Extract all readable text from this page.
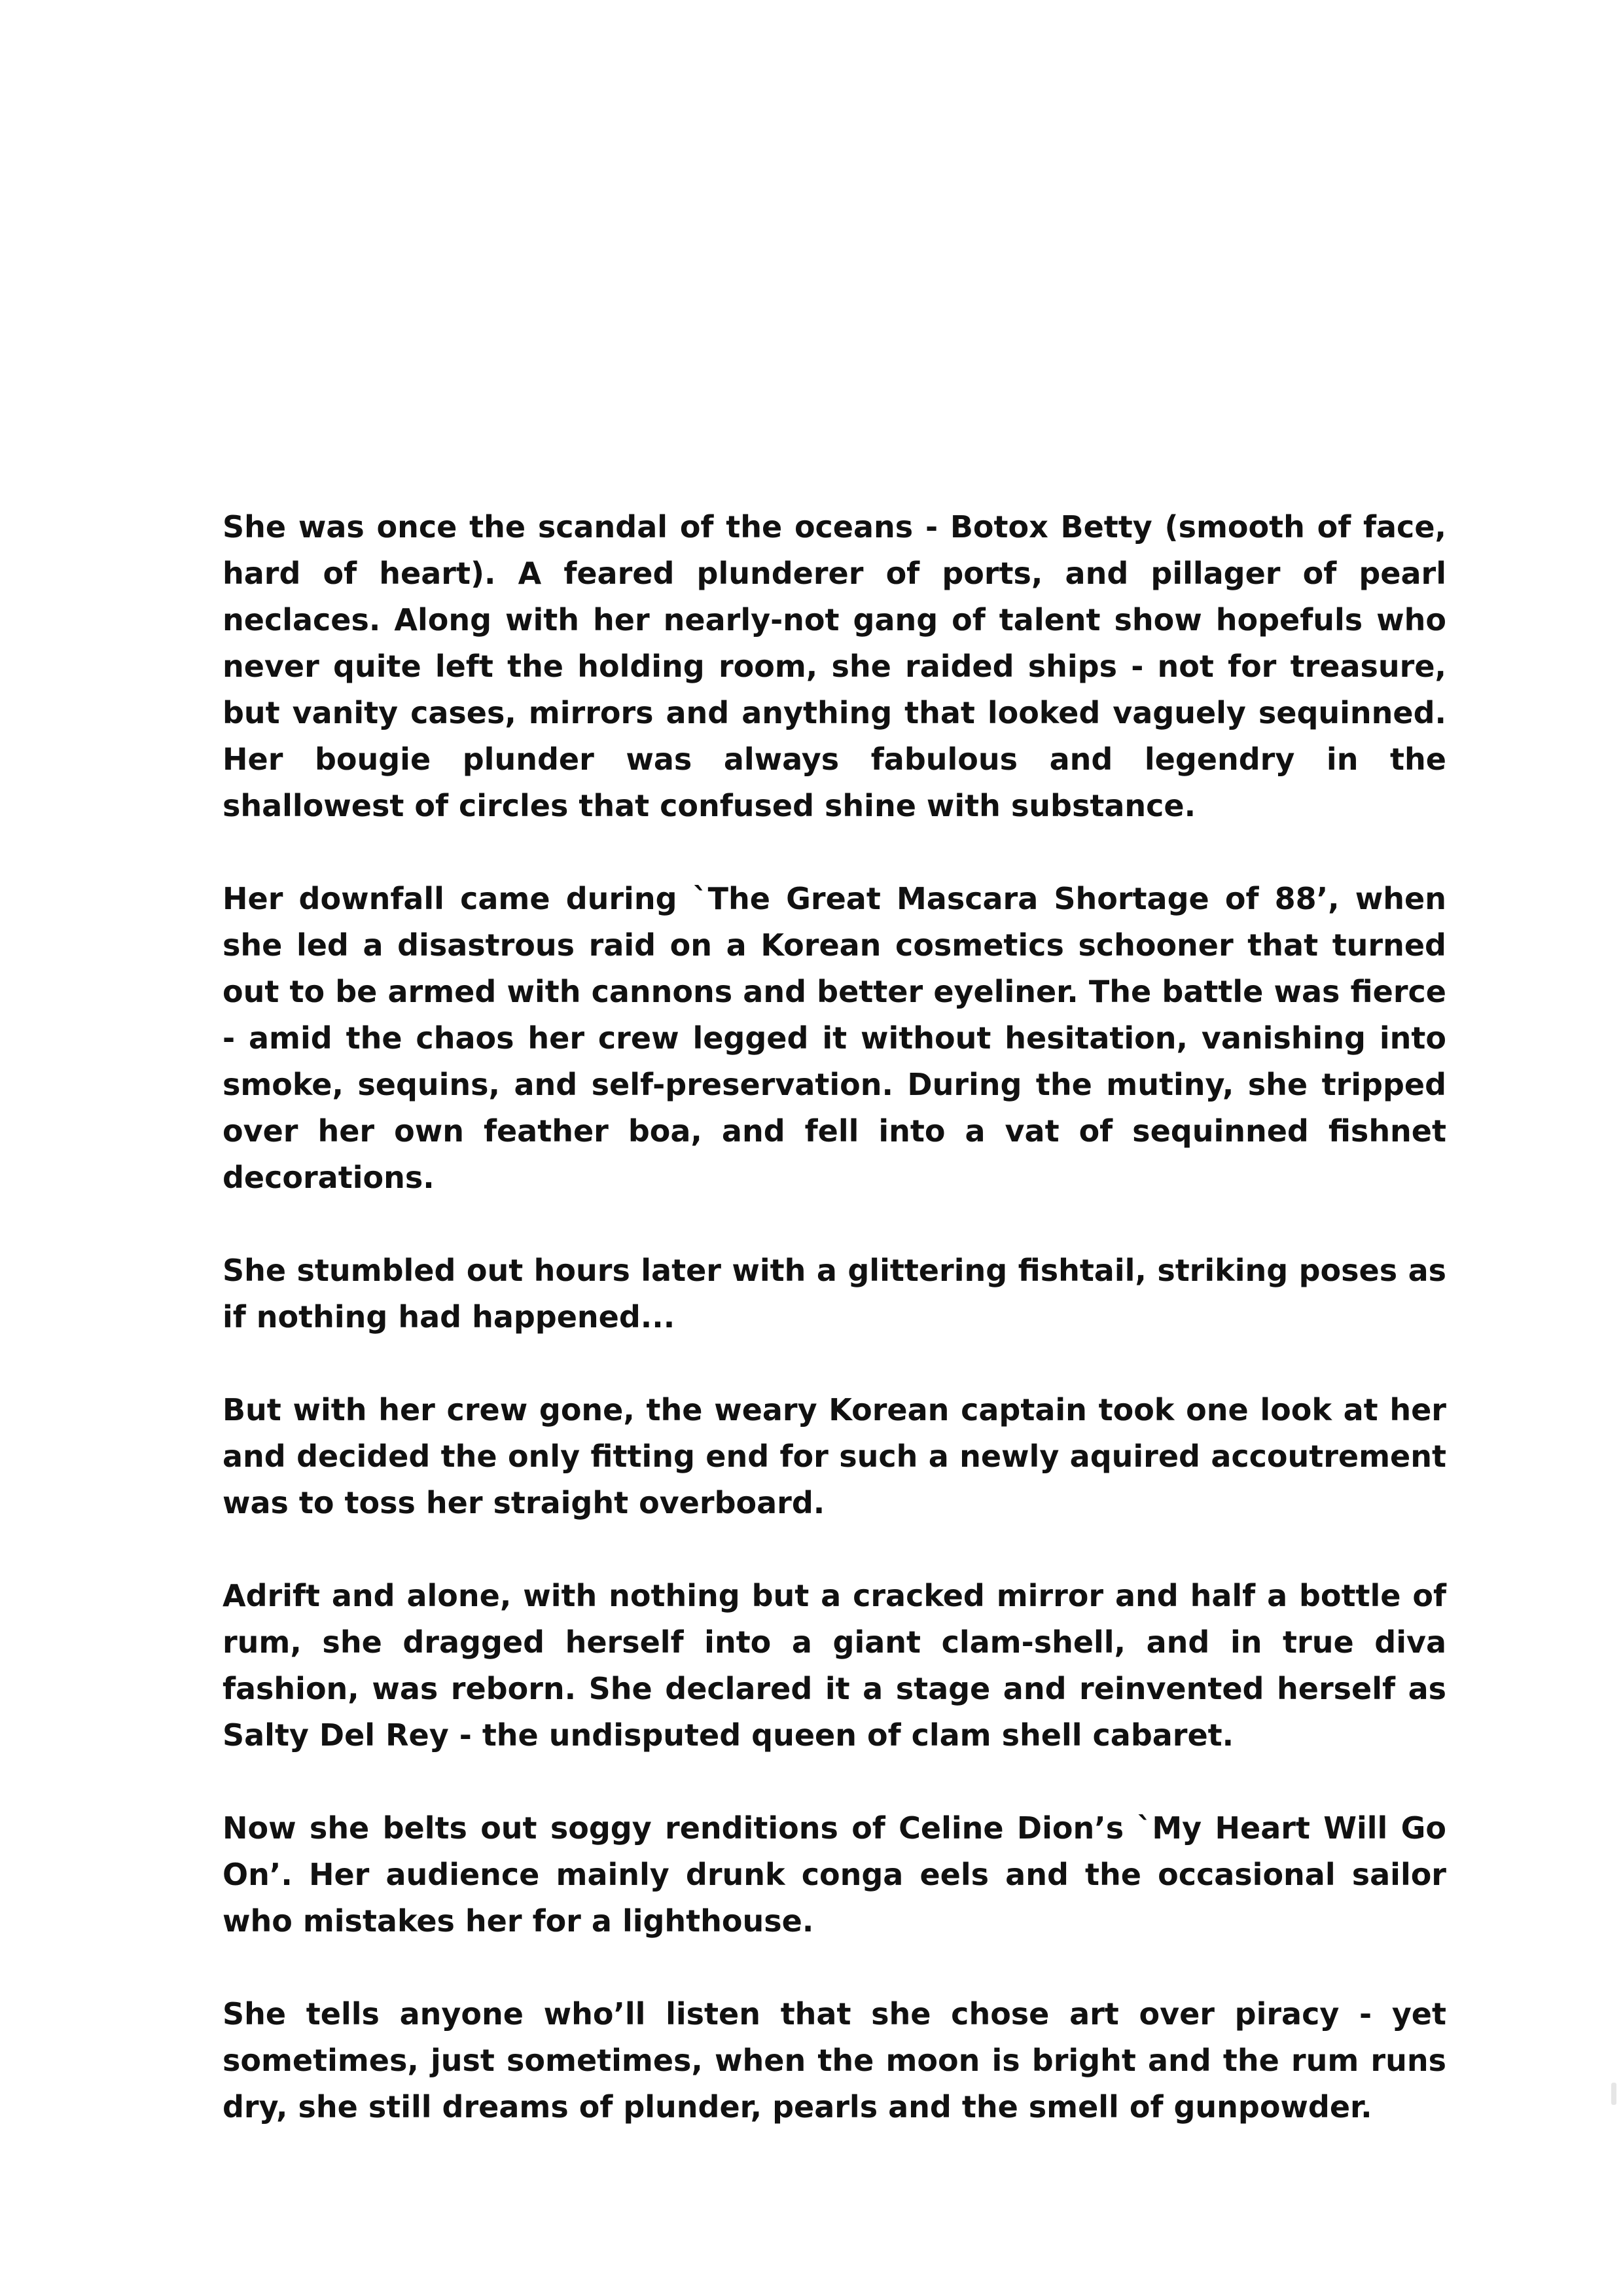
She was once the scandal of the oceans - Botox Betty (smooth of face, hard of heart). A feared plunderer of ports, and pillager of pearl neclaces. Along with her nearly-not gang of talent show hopefuls who never quite left the holding room, she raided ships - not for treasure, but vanity cases, mirrors and anything that looked vaguely sequinned. Her bougie plunder was always fabulous and legendry in the shallowest of circles that confused shine with substance.

Her downfall came during `The Great Mascara Shortage of 88’, when she led a disastrous raid on a Korean cosmetics schooner that turned out to be armed with cannons and better eyeliner. The battle was fierce - amid the chaos her crew legged it without hesitation, vanishing into smoke, sequins, and self-preservation. During the mutiny, she tripped over her own feather boa, and fell into a vat of sequinned fishnet decorations.

She stumbled out hours later with a glittering fishtail, striking poses as if nothing had happened...

But with her crew gone, the weary Korean captain took one look at her and decided the only fitting end for such a newly aquired accoutrement was to toss her straight overboard.

Adrift and alone, with nothing but a cracked mirror and half a bottle of rum, she dragged herself into a giant clam-shell, and in true diva fashion, was reborn. She declared it a stage and reinvented herself as Salty Del Rey - the undisputed queen of clam shell cabaret.

Now she belts out soggy renditions of Celine Dion’s `My Heart Will Go On’. Her audience mainly drunk conga eels and the occasional sailor who mistakes her for a lighthouse.

She tells anyone who’ll listen that she chose art over piracy - yet sometimes, just sometimes, when the moon is bright and the rum runs dry, she still dreams of plunder, pearls and the smell of gunpowder.
